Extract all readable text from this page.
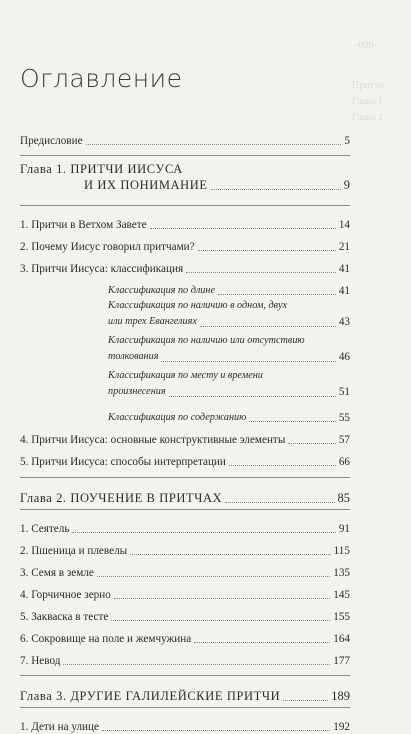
-000-
Притчи
Глава 1
Глава 2
Оглавление
Предисловие	5
Глава 1. ПРИТЧИ ИИСУСА
И ИХ ПОНИМАНИЕ	9
1. Притчи в Ветхом Завете	14
2. Почему Иисус говорил притчами?	21
3. Притчи Иисуса: классификация	41
Классификация по длине	41
Классификация по наличию в одном, двух
или трех Евангелиях	43
Классификация по наличию или отсутствию
толкования	46
Классификация по месту и времени
произнесения	51
Классификация по содержанию	55
4. Притчи Иисуса: основные конструктивные элементы	57
5. Притчи Иисуса: способы интерпретации	66
Глава 2. ПОУЧЕНИЕ В ПРИТЧАХ	85
1. Сеятель	91
2. Пшеница и плевелы	115
3. Семя в земле	135
4. Горчичное зерно	145
5. Закваска в тесте	155
6. Сокровище на поле и жемчужина	164
7. Невод	177
Глава 3. ДРУГИЕ ГАЛИЛЕЙСКИЕ ПРИТЧИ	189
1. Дети на улице	192
